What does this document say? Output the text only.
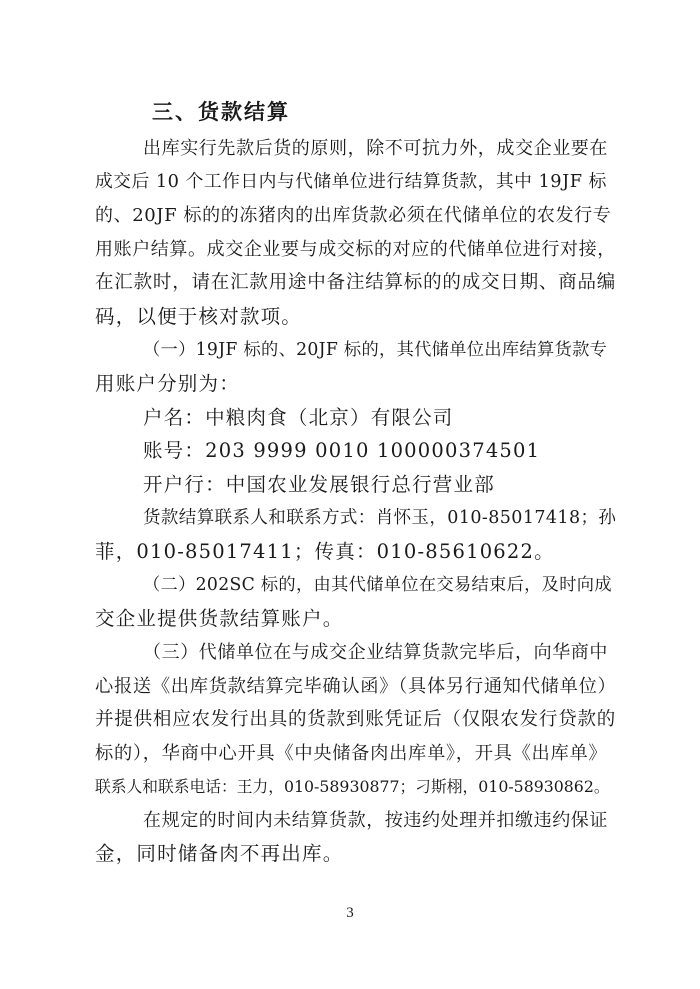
三、货款结算
出库实行先款后货的原则，除不可抗力外，成交企业要在
成交后 10 个工作日内与代储单位进行结算货款，其中 19JF 标
的、20JF 标的的冻猪肉的出库货款必须在代储单位的农发行专
用账户结算。成交企业要与成交标的对应的代储单位进行对接，
在汇款时，请在汇款用途中备注结算标的的成交日期、商品编
码，以便于核对款项。
（一）19JF 标的、20JF 标的，其代储单位出库结算货款专
用账户分别为：
户名：中粮肉食（北京）有限公司
账号：203 9999 0010 100000374501
开户行：中国农业发展银行总行营业部
货款结算联系人和联系方式：肖怀玉，010-85017418；孙
菲，010-85017411；传真：010-85610622。
（二）202SC 标的，由其代储单位在交易结束后，及时向成
交企业提供货款结算账户。
（三）代储单位在与成交企业结算货款完毕后，向华商中
心报送《出库货款结算完毕确认函》（具体另行通知代储单位）
并提供相应农发行出具的货款到账凭证后（仅限农发行贷款的
标的），华商中心开具《中央储备肉出库单》，开具《出库单》
联系人和联系电话：王力，010-58930877；刁斯栩，010-58930862。
在规定的时间内未结算货款，按违约处理并扣缴违约保证
金，同时储备肉不再出库。
3
